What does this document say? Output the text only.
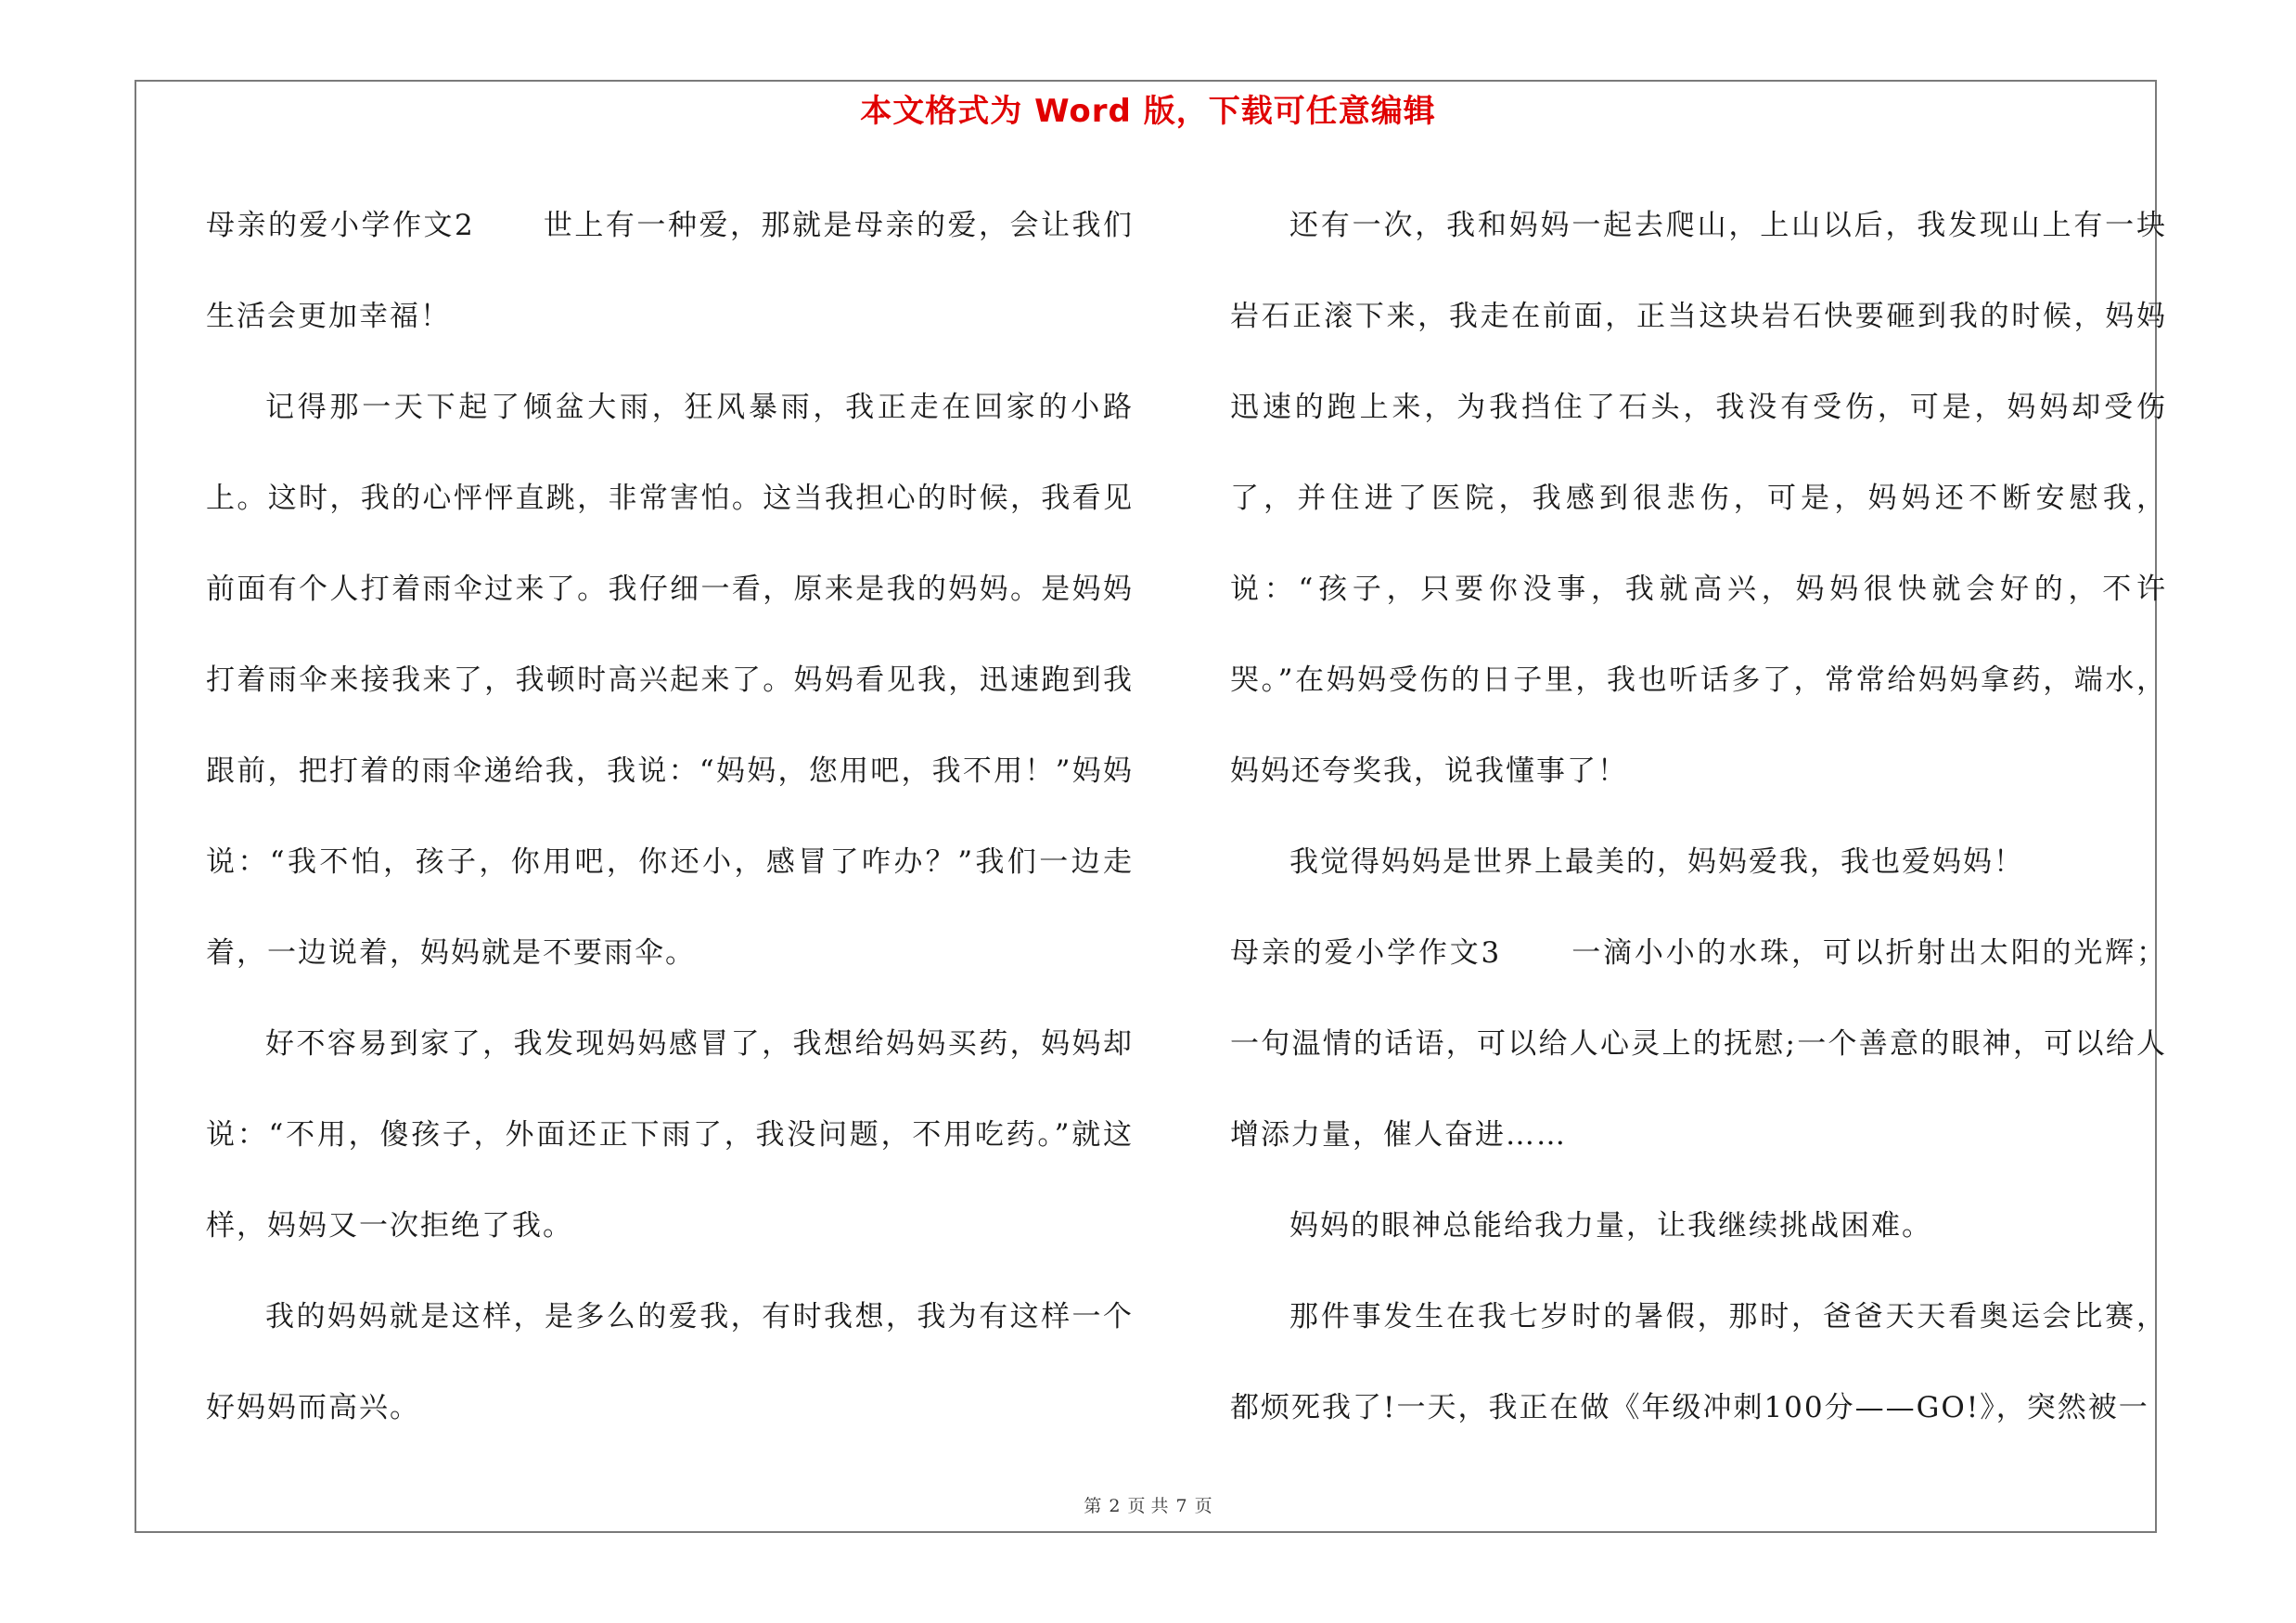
本文格式为 Word 版，下载可任意编辑

母亲的爱小学作文2 世上有一种爱，那就是母亲的爱，会让我们生活会更加幸福！

记得那一天下起了倾盆大雨，狂风暴雨，我正走在回家的小路上。这时，我的心怦怦直跳，非常害怕。这当我担心的时候，我看见前面有个人打着雨伞过来了。我仔细一看，原来是我的妈妈。是妈妈打着雨伞来接我来了，我顿时高兴起来了。妈妈看见我，迅速跑到我跟前，把打着的雨伞递给我，我说：“妈妈，您用吧，我不用！”妈妈说：“我不怕，孩子，你用吧，你还小，感冒了咋办？”我们一边走着，一边说着，妈妈就是不要雨伞。

好不容易到家了，我发现妈妈感冒了，我想给妈妈买药，妈妈却说：“不用，傻孩子，外面还正下雨了，我没问题，不用吃药。”就这样，妈妈又一次拒绝了我。

我的妈妈就是这样，是多么的爱我，有时我想，我为有这样一个好妈妈而高兴。

还有一次，我和妈妈一起去爬山，上山以后，我发现山上有一块岩石正滚下来，我走在前面，正当这块岩石快要砸到我的时候，妈妈迅速的跑上来，为我挡住了石头，我没有受伤，可是，妈妈却受伤了，并住进了医院，我感到很悲伤，可是，妈妈还不断安慰我，说：“孩子，只要你没事，我就高兴，妈妈很快就会好的，不许哭。”在妈妈受伤的日子里，我也听话多了，常常给妈妈拿药，端水，妈妈还夸奖我，说我懂事了！

我觉得妈妈是世界上最美的，妈妈爱我，我也爱妈妈！

母亲的爱小学作文3 一滴小小的水珠，可以折射出太阳的光辉；一句温情的话语，可以给人心灵上的抚慰;一个善意的眼神，可以给人增添力量，催人奋进……

妈妈的眼神总能给我力量，让我继续挑战困难。

那件事发生在我七岁时的暑假，那时，爸爸天天看奥运会比赛，都烦死我了!一天，我正在做《年级冲刺100分——GO!》，突然被一

第 2 页 共 7 页
